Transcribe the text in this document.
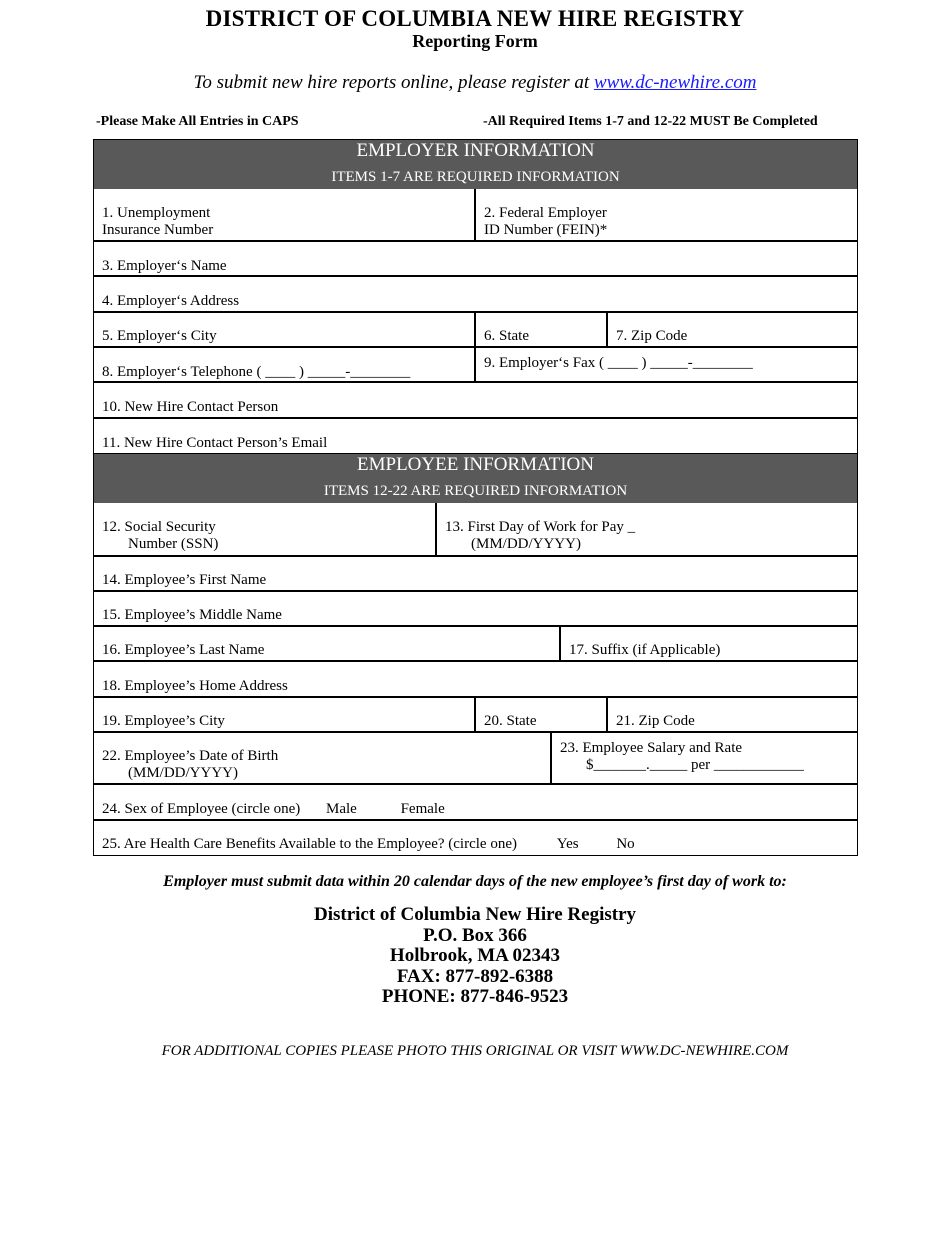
DISTRICT OF COLUMBIA NEW HIRE REGISTRY
Reporting Form
To submit new hire reports online, please register at www.dc-newhire.com
-Please Make All Entries in CAPS	-All Required Items 1-7 and 12-22 MUST Be Completed
EMPLOYER INFORMATION
ITEMS 1-7 ARE REQUIRED INFORMATION
1. Unemployment
Insurance Number
2. Federal Employer
ID Number (FEIN)*
3. Employer‘s Name
4. Employer‘s Address
5. Employer‘s City	6. State	7. Zip Code
8. Employer‘s Telephone ( ____ ) _____-________
9. Employer‘s Fax ( ____ ) _____-________
10. New Hire Contact Person
11. New Hire Contact Person’s Email
EMPLOYEE INFORMATION
ITEMS 12-22 ARE REQUIRED INFORMATION
12. Social Security
Number (SSN)
13. First Day of Work for Pay _
(MM/DD/YYYY)
14. Employee’s First Name
15. Employee’s Middle Name
16. Employee’s Last Name	17. Suffix (if Applicable)
18. Employee’s Home Address
19. Employee’s City	20. State	21. Zip Code
22. Employee’s Date of Birth
(MM/DD/YYYY)
23. Employee Salary and Rate
$_______._____ per ____________
24. Sex of Employee (circle one) Male	Female
25. Are Health Care Benefits Available to the Employee? (circle one)	Yes	No
Employer must submit data within 20 calendar days of the new employee’s first day of work to:
District of Columbia New Hire Registry
P.O. Box 366
Holbrook, MA 02343
FAX: 877-892-6388
PHONE: 877-846-9523
FOR ADDITIONAL COPIES PLEASE PHOTO THIS ORIGINAL OR VISIT WWW.DC-NEWHIRE.COM
